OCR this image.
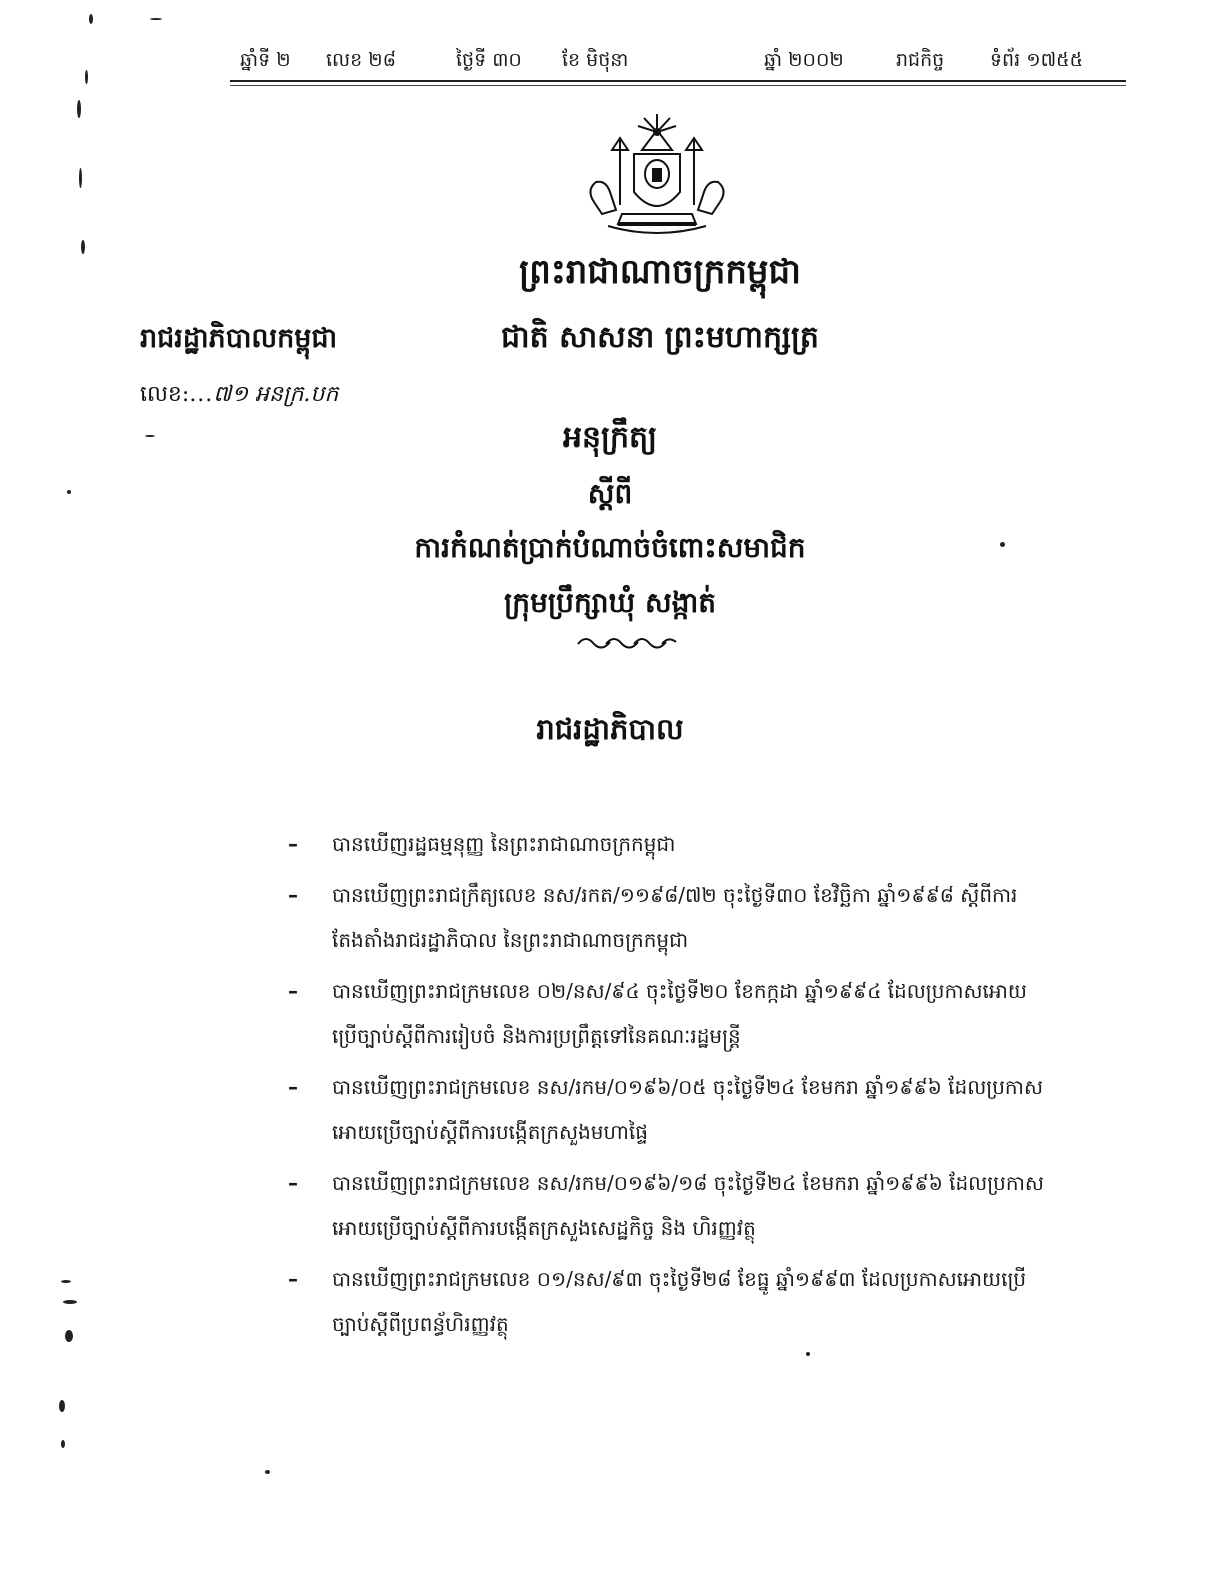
ឆ្នាំទី ២ លេខ ២៨	ថ្ងៃទី ៣០ ខែ មិថុនា	ឆ្នាំ ២០០២	រាជកិច្ច ទំព័រ ១៧៥៥
ព្រះរាជាណាចក្រកម្ពុជា
ជាតិ សាសនា ព្រះមហាក្សត្រ
រាជរដ្ឋាភិបាលកម្ពុជា
លេខ:...៧១ អនក្រ.បក
អនុក្រឹត្យ
ស្តីពី
ការកំណត់ប្រាក់បំណាច់ចំពោះសមាជិក
ក្រុមប្រឹក្សាឃុំ សង្កាត់
រាជរដ្ឋាភិបាល
– បានឃើញរដ្ឋធម្មនុញ្ញ នៃព្រះរាជាណាចក្រកម្ពុជា
– បានឃើញព្រះរាជក្រឹត្យលេខ នស/រកត/១១៩៨/៧២ ចុះថ្ងៃទី៣០ ខែវិច្ឆិកា ឆ្នាំ១៩៩៨ ស្តីពីការតែងតាំងរាជរដ្ឋាភិបាល នៃព្រះរាជាណាចក្រកម្ពុជា
– បានឃើញព្រះរាជក្រមលេខ ០២/នស/៩៤ ចុះថ្ងៃទី២០ ខែកក្កដា ឆ្នាំ១៩៩៤ ដែលប្រកាសអោយប្រើច្បាប់ស្តីពីការរៀបចំ និងការប្រព្រឹត្តទៅនៃគណៈរដ្ឋមន្ត្រី
– បានឃើញព្រះរាជក្រមលេខ នស/រកម/០១៩៦/០៥ ចុះថ្ងៃទី២៤ ខែមករា ឆ្នាំ១៩៩៦ ដែលប្រកាសអោយប្រើច្បាប់ស្តីពីការបង្កើតក្រសួងមហាផ្ទៃ
– បានឃើញព្រះរាជក្រមលេខ នស/រកម/០១៩៦/១៨ ចុះថ្ងៃទី២៤ ខែមករា ឆ្នាំ១៩៩៦ ដែលប្រកាសអោយប្រើច្បាប់ស្តីពីការបង្កើតក្រសួងសេដ្ឋកិច្ច និង ហិរញ្ញវត្ថុ
– បានឃើញព្រះរាជក្រមលេខ ០១/នស/៩៣ ចុះថ្ងៃទី២៨ ខែធ្នូ ឆ្នាំ១៩៩៣ ដែលប្រកាសអោយប្រើច្បាប់ស្តីពីប្រពន្ធ័ហិរញ្ញវត្ថុ
